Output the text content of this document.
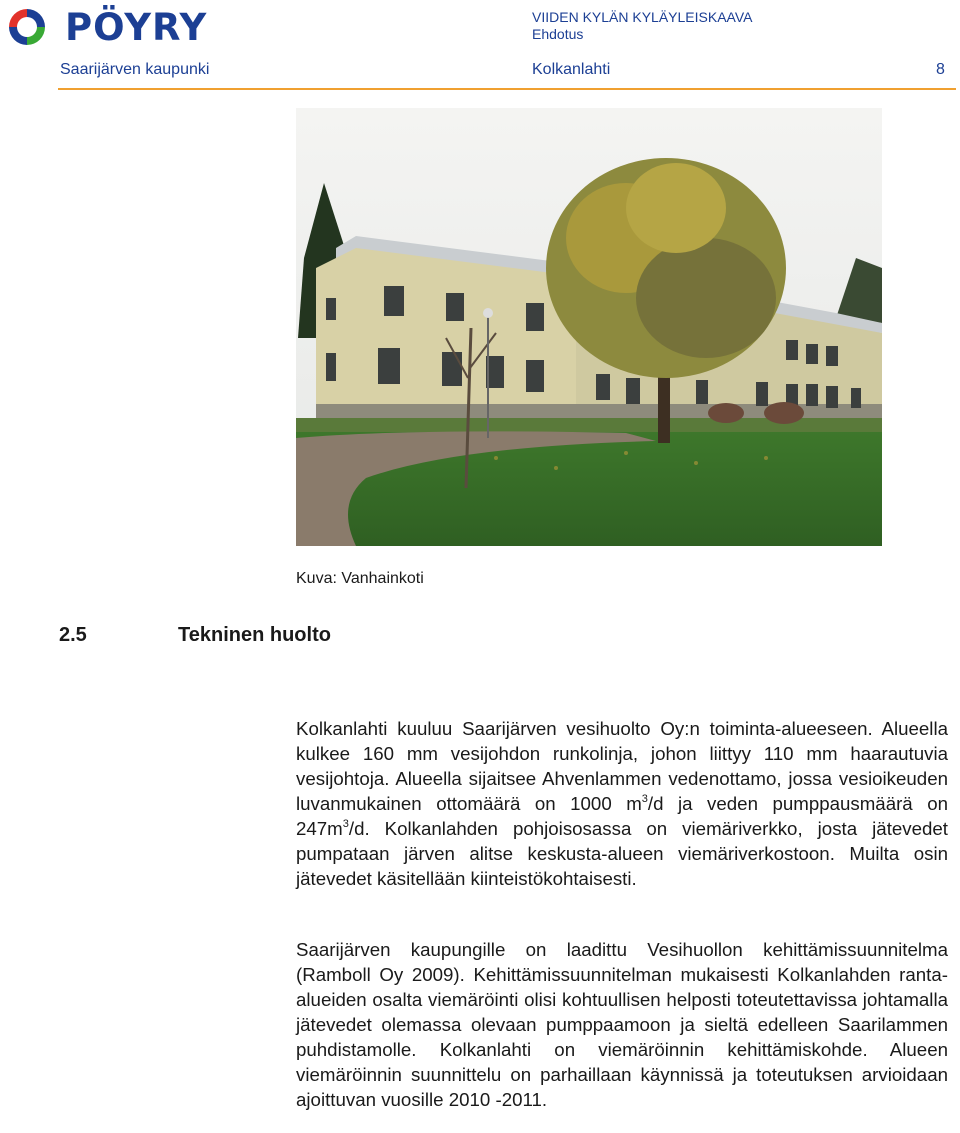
PÖYRY	VIIDEN KYLÄN KYLÄYLEISKAAVA
Ehdotus
Saarijärven kaupunki	Kolkanlahti	8
Kuva: Vanhainkoti
2.5	Tekninen huolto

Kolkanlahti kuuluu Saarijärven vesihuolto Oy:n toiminta-alueeseen. Alueella kulkee 160 mm vesijohdon runkolinja, johon liittyy 110 mm haarautuvia vesijohtoja. Alueella sijaitsee Ahvenlammen vedenottamo, jossa vesioikeuden luvanmukainen ottomäärä on 1000 $m^3/d$ ja veden pumppausmäärä on $247m^3/d$. Kolkanlahden pohjoisosassa on viemäriverkko, josta jätevedet pumpataan järven alitse keskusta-alueen viemäriverkostoon. Muilta osin jätevedet käsitellään kiinteistökohtaisesti.

Saarijärven kaupungille on laadittu Vesihuollon kehittämissuunnitelma (Ramboll Oy 2009). Kehittämissuunnitelman mukaisesti Kolkanlahden ranta-alueiden osalta viemäröinti olisi kohtuullisen helposti toteutettavissa johtamalla jätevedet olemassa olevaan pumppaamoon ja sieltä edelleen Saarilammen puhdistamolle. Kolkanlahti on viemäröinnin kehittämiskohde. Alueen viemäröinnin suunnittelu on parhaillaan käynnissä ja toteutuksen arvioidaan ajoittuvan vuosille 2010 -2011.
